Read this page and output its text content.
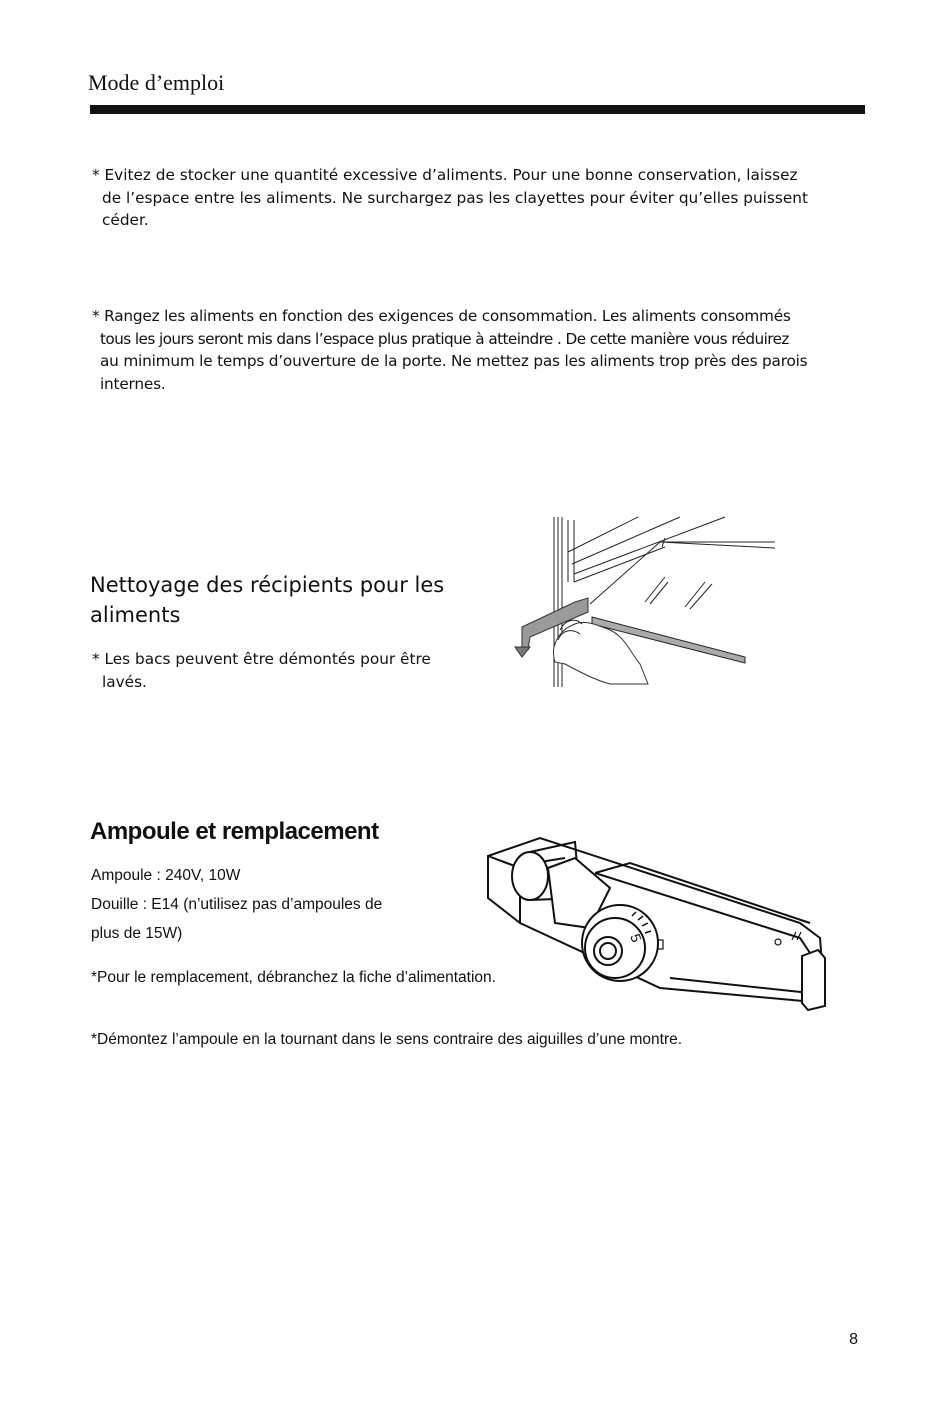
Mode d’emploi
* Evitez de stocker une quantité excessive d’aliments. Pour une bonne conservation, laissez
de l’espace entre les aliments. Ne surchargez pas les clayettes pour éviter qu’elles puissent
céder.
* Rangez les aliments en fonction des exigences de consommation. Les aliments consommés
tous les jours seront mis dans l’espace plus pratique à atteindre . De cette manière vous réduirez
au minimum le temps d’ouverture de la porte. Ne mettez pas les aliments trop près des parois
internes.
Nettoyage des récipients pour les
aliments
* Les bacs peuvent être démontés pour être
lavés.
Ampoule et remplacement
Ampoule : 240V, 10W
Douille : E14 (n’utilisez pas d’ampoules de
plus de 15W)
*Pour le remplacement, débranchez la fiche d’alimentation.
*Démontez l’ampoule en la tournant dans le sens contraire des aiguilles d’une montre.
5
8
